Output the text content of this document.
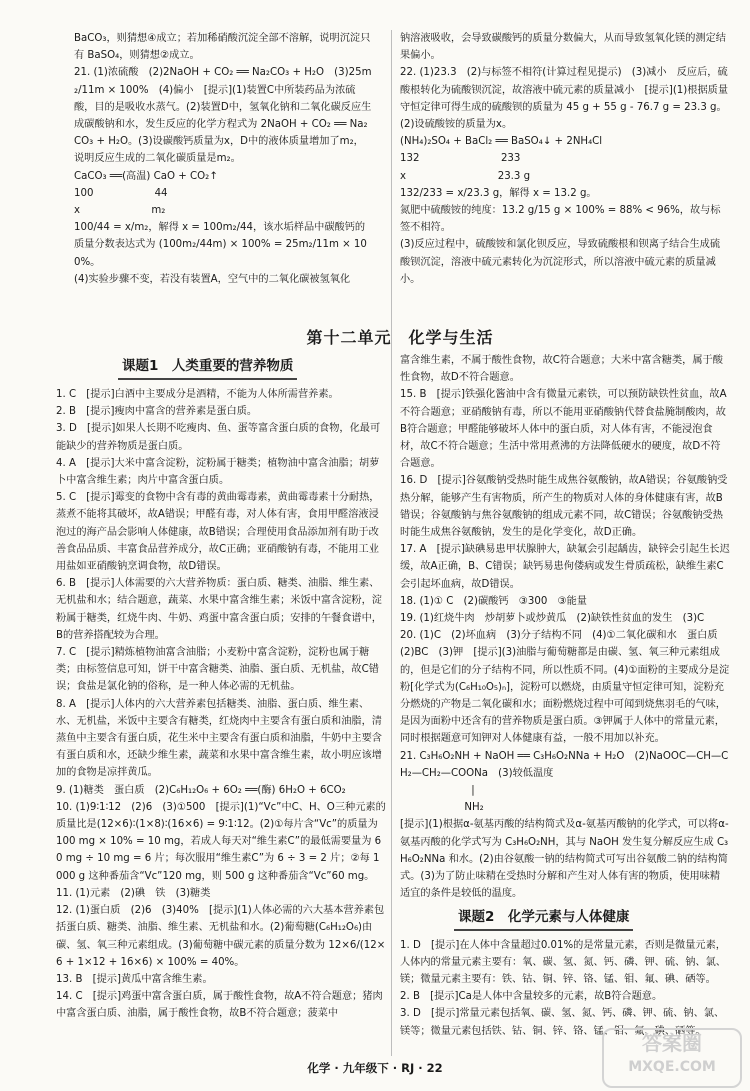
BaCO₃，则猜想④成立；若加稀硝酸沉淀全部不溶解，说明沉淀只有 BaSO₄，则猜想②成立。

21. (1)浓硫酸　(2)2NaOH + CO₂ ══ Na₂CO₃ + H₂O　(3)25m₂/11m × 100%　(4)偏小　[提示](1)装置C中所装药品为浓硫酸，目的是吸收水蒸气。(2)装置D中，氢氧化钠和二氧化碳反应生成碳酸钠和水，发生反应的化学方程式为 2NaOH + CO₂ ══ Na₂CO₃ + H₂O。(3)设碳酸钙质量为x，D中的液体质量增加了m₂，说明反应生成的二氧化碳质量是m₂。

CaCO₃ ══(高温) CaO + CO₂↑

100　　　　　　44

x　　　　　　　m₂

100/44 = x/m₂，解得 x = 100m₂/44，该水垢样品中碳酸钙的质量分数表达式为 (100m₂/44m) × 100% = 25m₂/11m × 100%。

(4)实验步骤不变，若没有装置A，空气中的二氧化碳被氢氧化

钠溶液吸收，会导致碳酸钙的质量分数偏大，从而导致氢氧化镁的测定结果偏小。

22. (1)23.3　(2)与标签不相符(计算过程见提示)　(3)减小　反应后，硫酸根转化为硫酸钡沉淀，故溶液中硫元素的质量减小　[提示](1)根据质量守恒定律可得生成的硫酸钡的质量为 45 g + 55 g - 76.7 g = 23.3 g。

(2)设硫酸铵的质量为x。

(NH₄)₂SO₄ + BaCl₂ ══ BaSO₄↓ + 2NH₄Cl

132　　　　　　　　233

x　　　　　　　　　23.3 g

132/233 = x/23.3 g，解得 x = 13.2 g。

氮肥中硫酸铵的纯度：13.2 g/15 g × 100% = 88% < 96%，故与标签不相符。

(3)反应过程中，硫酸铵和氯化钡反应，导致硫酸根和钡离子结合生成硫酸钡沉淀，溶液中硫元素转化为沉淀形式，所以溶液中硫元素的质量减小。

第十二单元　化学与生活
课题1　人类重要的营养物质

1. C　[提示]白酒中主要成分是酒精，不能为人体所需营养素。

2. B　[提示]瘦肉中富含的营养素是蛋白质。

3. D　[提示]如果人长期不吃瘦肉、鱼、蛋等富含蛋白质的食物，化最可能缺少的营养物质是蛋白质。

4. A　[提示]大米中富含淀粉，淀粉属于糖类；植物油中富含油脂；胡萝卜中富含维生素；肉片中富含蛋白质。

5. C　[提示]霉变的食物中含有毒的黄曲霉毒素，黄曲霉毒素十分耐热，蒸煮不能将其破坏，故A错误；甲醛有毒，对人体有害，食用甲醛溶液浸泡过的海产品会影响人体健康，故B错误；合理使用食品添加剂有助于改善食品品质、丰富食品营养成分，故C正确；亚硝酸钠有毒，不能用工业用盐如亚硝酸钠烹调食物，故D错误。

6. B　[提示]人体需要的六大营养物质：蛋白质、糖类、油脂、维生素、无机盐和水；结合题意，蔬菜、水果中富含维生素；米饭中富含淀粉，淀粉属于糖类，红烧牛肉、牛奶、鸡蛋中富含蛋白质；安排的午餐食谱中，B的营养搭配较为合理。

7. C　[提示]精炼植物油富含油脂；小麦粉中富含淀粉，淀粉也属于糖类；由标签信息可知，饼干中富含糖类、油脂、蛋白质、无机盐，故C错误；食盐是氯化钠的俗称，是一种人体必需的无机盐。

8. A　[提示]人体内的六大营养素包括糖类、油脂、蛋白质、维生素、水、无机盐，米饭中主要含有糖类，红烧肉中主要含有蛋白质和油脂，清蒸鱼中主要含有蛋白质，花生米中主要含有蛋白质和油脂，牛奶中主要含有蛋白质和水，还缺少维生素，蔬菜和水果中富含维生素，故小明应该增加的食物是凉拌黄瓜。

9. (1)糖类　蛋白质　(2)C₆H₁₂O₆ + 6O₂ ══(酶) 6H₂O + 6CO₂

10. (1)9∶1∶12　(2)6　(3)①500　[提示](1)“Vc”中C、H、O三种元素的质量比是(12×6)∶(1×8)∶(16×6) = 9∶1∶12。(2)①每片含“Vc”的质量为 100 mg × 10% = 10 mg，若成人每天对“维生素C”的最低需要量为 60 mg ÷ 10 mg = 6 片；每次服用“维生素C”为 6 ÷ 3 = 2 片；②每 1 000 g 这种番茄含“Vc”120 mg，则 500 g 这种番茄含“Vc”60 mg。

11. (1)元素　(2)碘　铁　(3)糖类

12. (1)蛋白质　(2)6　(3)40%　[提示](1)人体必需的六大基本营养素包括蛋白质、糖类、油脂、维生素、无机盐和水。(2)葡萄糖(C₆H₁₂O₆)由碳、氢、氧三种元素组成。(3)葡萄糖中碳元素的质量分数为 12×6/(12×6 + 1×12 + 16×6) × 100% = 40%。

13. B　[提示]黄瓜中富含维生素。

14. C　[提示]鸡蛋中富含蛋白质，属于酸性食物，故A不符合题意；猪肉中富含蛋白质、油脂，属于酸性食物，故B不符合题意；菠菜中

富含维生素，不属于酸性食物，故C符合题意；大米中富含糖类，属于酸性食物，故D不符合题意。

15. B　[提示]铁强化酱油中含有微量元素铁，可以预防缺铁性贫血，故A不符合题意；亚硝酸钠有毒，所以不能用亚硝酸钠代替食盐腌制酸肉，故B符合题意；甲醛能够破坏人体中的蛋白质，对人体有害，不能浸泡食材，故C不符合题意；生活中常用煮沸的方法降低硬水的硬度，故D不符合题意。

16. D　[提示]谷氨酸钠受热时能生成焦谷氨酸钠，故A错误；谷氨酸钠受热分解，能够产生有害物质，所产生的物质对人体的身体健康有害，故B错误；谷氨酸钠与焦谷氨酸钠的组成元素不同，故C错误；谷氨酸钠受热时能生成焦谷氨酸钠，发生的是化学变化，故D正确。

17. A　[提示]缺碘易患甲状腺肿大，缺氟会引起龋齿，缺锌会引起生长迟缓，故A正确，B、C错误；缺钙易患佝偻病或发生骨质疏松，缺维生素C会引起坏血病，故D错误。

18. (1)① C　(2)碳酸钙　③300　③能量

19. (1)红烧牛肉　炒胡萝卜或炒黄瓜　(2)缺铁性贫血的发生　(3)C

20. (1)C　(2)坏血病　(3)分子结构不同　(4)①二氧化碳和水　蛋白质　(2)BC　(3)钾　[提示](3)油脂与葡萄糖都是由碳、氢、氧三种元素组成的，但是它们的分子结构不同，所以性质不同。(4)①面粉的主要成分是淀粉[化学式为(C₆H₁₀O₅)ₙ]，淀粉可以燃烧，由质量守恒定律可知，淀粉充分燃烧的产物是二氧化碳和水；面粉燃烧过程中可闻到烧焦羽毛的气味，是因为面粉中还含有的营养物质是蛋白质。③钾属于人体中的常量元素，同时根据题意可知钾对人体健康有益，一般不用加以补充。

21. C₃H₆O₂NH + NaOH ══ C₃H₆O₂NNa + H₂O　(2)NaOOC—CH—CH₂—CH₂—COONa　(3)较低温度

　　　　　　　|

　　　　　　 NH₂

[提示](1)根据α-氨基丙酸的结构简式及α-氨基丙酸钠的化学式，可以将α-氨基丙酸的化学式写为 C₃H₆O₂NH，其与 NaOH 发生复分解反应生成 C₃H₆O₂NNa 和水。(2)由谷氨酸一钠的结构简式可写出谷氨酸二钠的结构简式。(3)为了防止味精在受热时分解和产生对人体有害的物质，使用味精适宜的条件是较低的温度。

课题2　化学元素与人体健康

1. D　[提示]在人体中含量超过0.01%的是常量元素，否则是微量元素，人体内的常量元素主要有：氧、碳、氢、氮、钙、磷、钾、硫、钠、氯、镁；微量元素主要有：铁、钴、铜、锌、铬、锰、钼、氟、碘、硒等。

2. B　[提示]Ca是人体中含量较多的元素，故B符合题意。

3. D　[提示]常量元素包括氧、碳、氢、氮、钙、磷、钾、硫、钠、氯、镁等；微量元素包括铁、钴、铜、锌、铬、锰、钼、氟、碘、硒等。

化学 · 九年级下 · RJ · 22
答案圈
MXQE.COM
